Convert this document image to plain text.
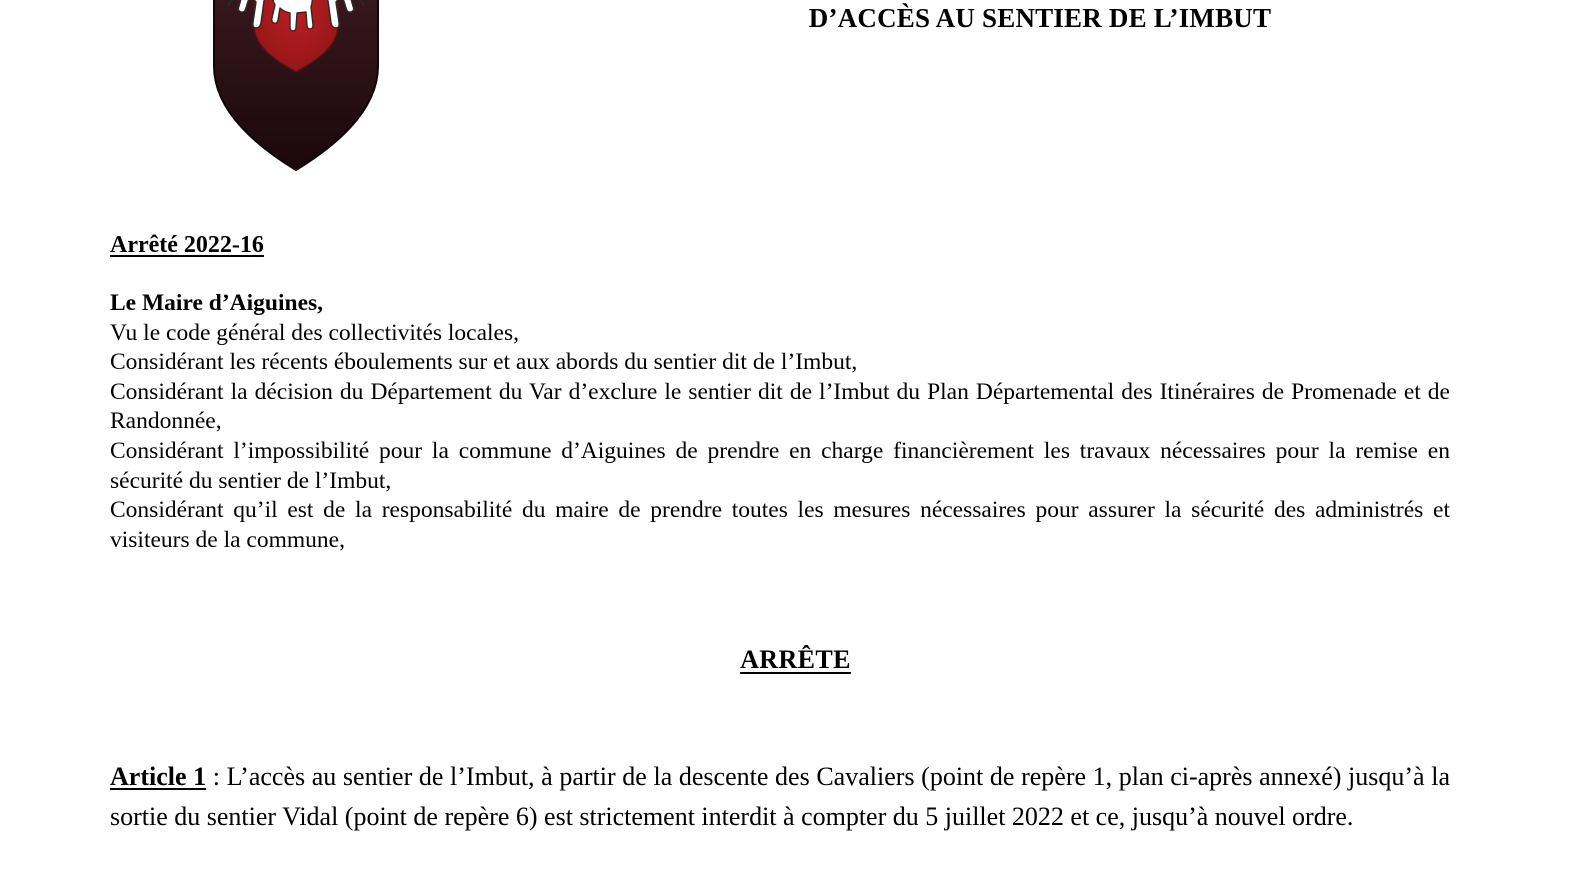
D’ACCÈS AU SENTIER DE L’IMBUT
Arrêté 2022-16
Le Maire d’Aiguines,
Vu le code général des collectivités locales,
Considérant les récents éboulements sur et aux abords du sentier dit de l’Imbut,

Considérant la décision du Département du Var d’exclure le sentier dit de l’Imbut du Plan Départemental des Itinéraires de Promenade et de Randonnée,

Considérant l’impossibilité pour la commune d’Aiguines de prendre en charge financièrement les travaux nécessaires pour la remise en sécurité du sentier de l’Imbut,

Considérant qu’il est de la responsabilité du maire de prendre toutes les mesures nécessaires pour assurer la sécurité des administrés et visiteurs de la commune,

ARRÊTE
Article 1 : L’accès au sentier de l’Imbut, à partir de la descente des Cavaliers (point de repère 1, plan ci-après annexé) jusqu’à la sortie du sentier Vidal (point de repère 6) est strictement interdit à compter du 5 juillet 2022 et ce, jusqu’à nouvel ordre.
